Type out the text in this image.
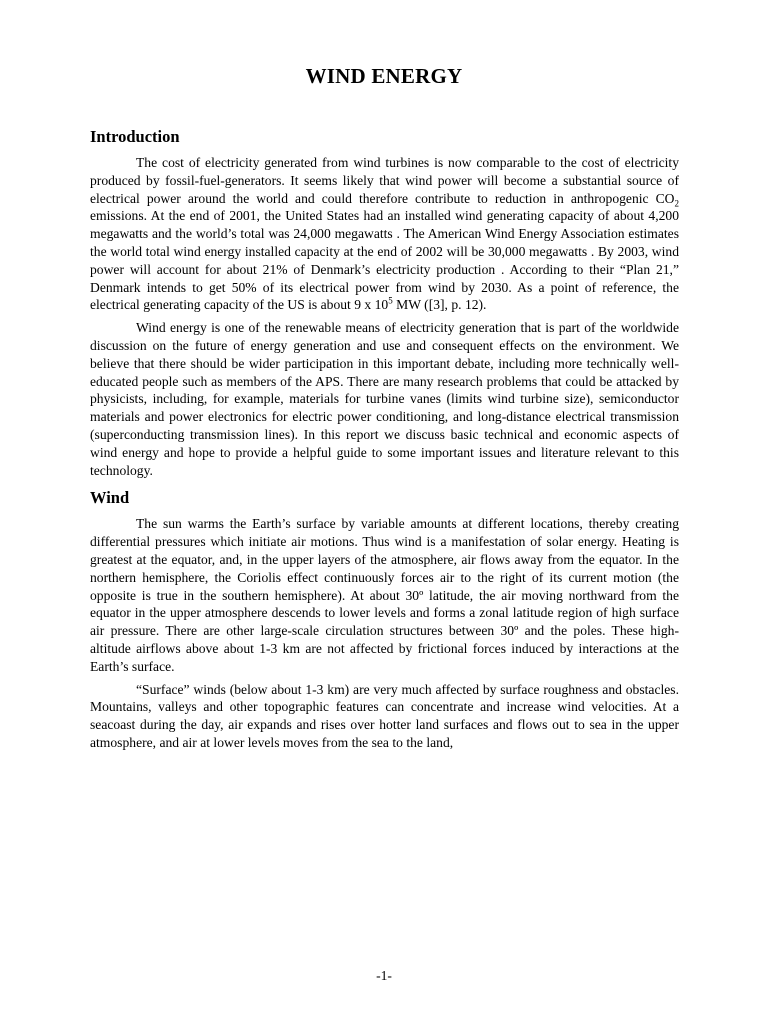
WIND ENERGY
Introduction

The cost of electricity generated from wind turbines is now comparable to the cost of electricity produced by fossil-fuel-generators. It seems likely that wind power will become a substantial source of electrical power around the world and could therefore contribute to reduction in anthropogenic $CO_2$ emissions. At the end of 2001, the United States had an installed wind generating capacity of about 4,200 megawatts and the world’s total was 24,000 megawatts . The American Wind Energy Association estimates the world total wind energy installed capacity at the end of 2002 will be 30,000 megawatts . By 2003, wind power will account for about 21% of Denmark’s electricity production . According to their “Plan 21,” Denmark intends to get 50% of its electrical power from wind by 2030. As a point of reference, the electrical generating capacity of the US is about 9 x $10^5$ MW ([3], p. 12).

Wind energy is one of the renewable means of electricity generation that is part of the worldwide discussion on the future of energy generation and use and consequent effects on the environment. We believe that there should be wider participation in this important debate, including more technically well-educated people such as members of the APS. There are many research problems that could be attacked by physicists, including, for example, materials for turbine vanes (limits wind turbine size), semiconductor materials and power electronics for electric power conditioning, and long-distance electrical transmission (superconducting transmission lines). In this report we discuss basic technical and economic aspects of wind energy and hope to provide a helpful guide to some important issues and literature relevant to this technology.

Wind

The sun warms the Earth’s surface by variable amounts at different locations, thereby creating differential pressures which initiate air motions. Thus wind is a manifestation of solar energy. Heating is greatest at the equator, and, in the upper layers of the atmosphere, air flows away from the equator. In the northern hemisphere, the Coriolis effect continuously forces air to the right of its current motion (the opposite is true in the southern hemisphere). At about 30º latitude, the air moving northward from the equator in the upper atmosphere descends to lower levels and forms a zonal latitude region of high surface air pressure. There are other large-scale circulation structures between 30º and the poles. These high-altitude airflows above about 1-3 km are not affected by frictional forces induced by interactions at the Earth’s surface.

“Surface” winds (below about 1-3 km) are very much affected by surface roughness and obstacles. Mountains, valleys and other topographic features can concentrate and increase wind velocities. At a seacoast during the day, air expands and rises over hotter land surfaces and flows out to sea in the upper atmosphere, and air at lower levels moves from the sea to the land,

-1-
